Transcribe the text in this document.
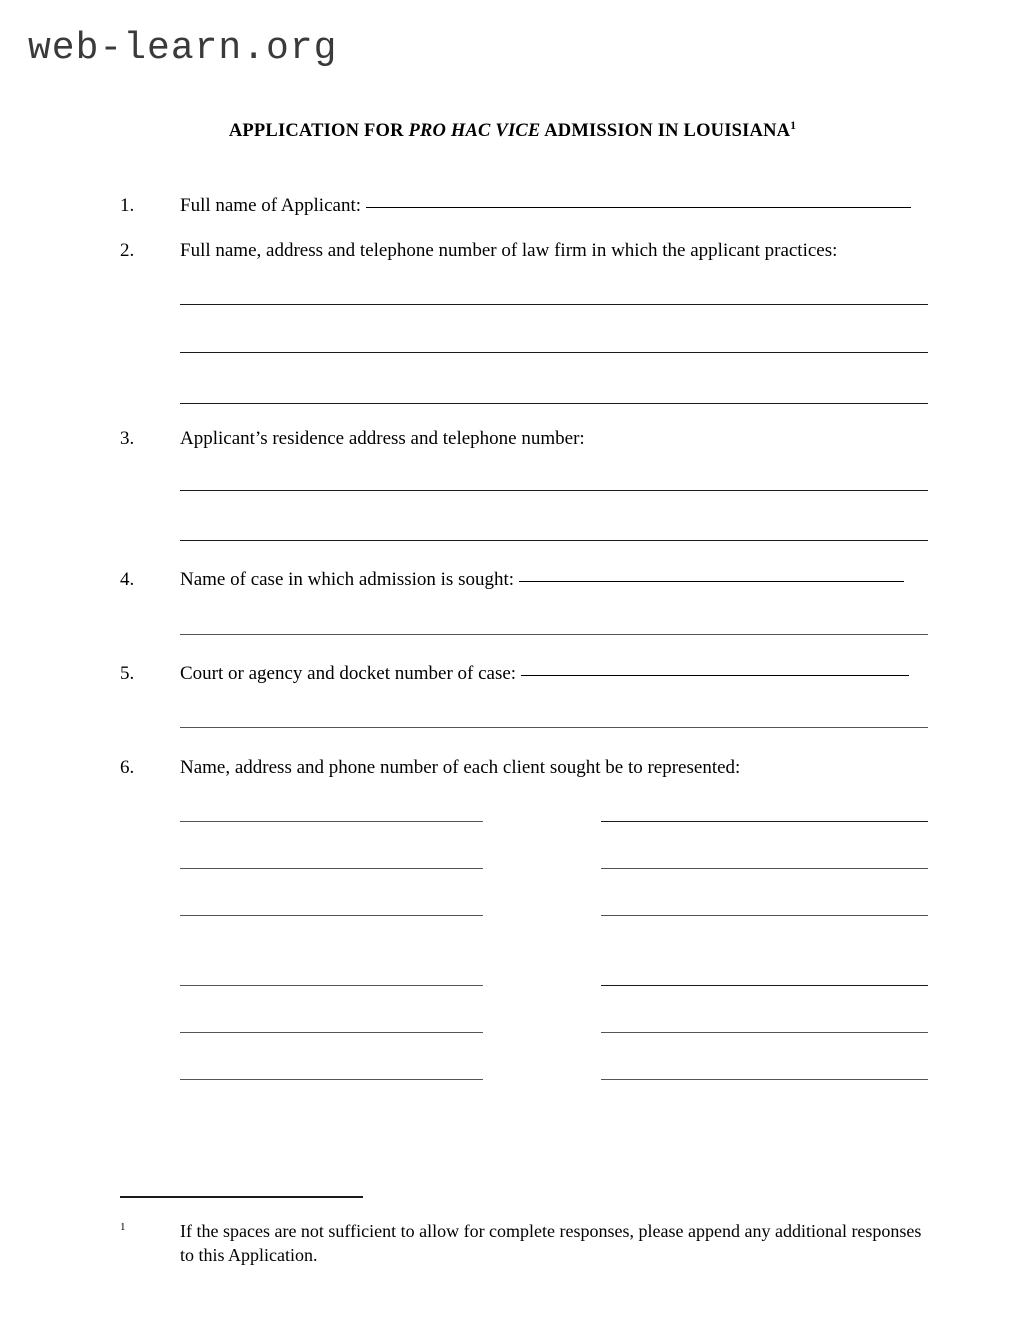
web-learn.org
APPLICATION FOR PRO HAC VICE ADMISSION IN LOUISIANA$^1$
1.	Full name of Applicant:
2.	Full name, address and telephone number of law firm in which the applicant practices:
3.	Applicant’s residence address and telephone number:
4.	Name of case in which admission is sought:
5.	Court or agency and docket number of case:
6.	Name, address and phone number of each client sought be to represented:
1	If the spaces are not sufficient to allow for complete responses, please append any additional responses to this Application.
